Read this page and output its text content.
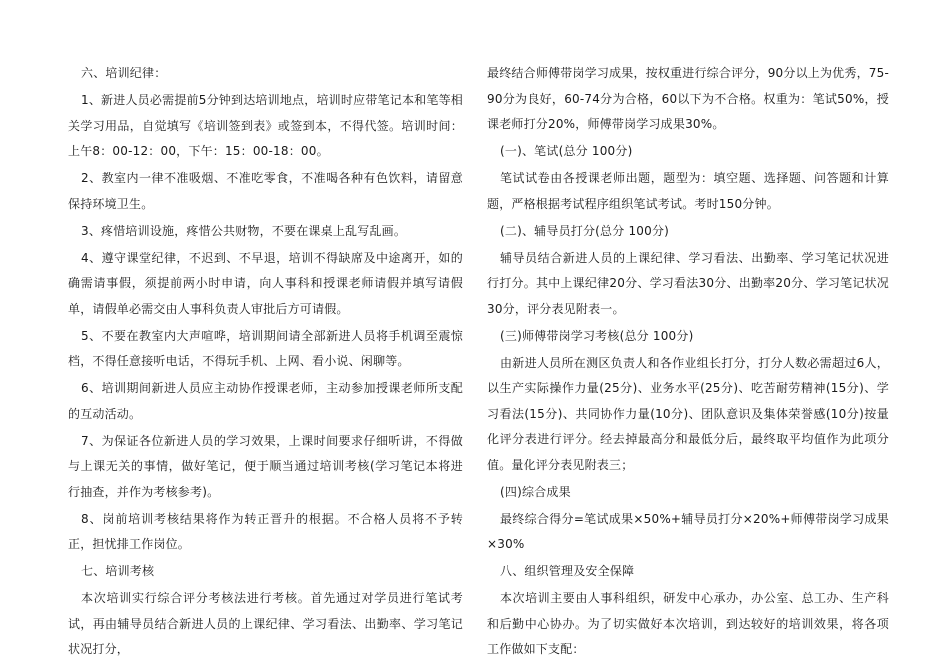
六、培训纪律：

1、新进人员必需提前5分钟到达培训地点，培训时应带笔记本和笔等相关学习用品，自觉填写《培训签到表》或签到本，不得代签。培训时间：上午8：00-12：00，下午：15：00-18：00。

2、教室内一律不准吸烟、不准吃零食，不准喝各种有色饮料，请留意保持环境卫生。

3、疼惜培训设施，疼惜公共财物，不要在课桌上乱写乱画。

4、遵守课堂纪律，不迟到、不早退，培训不得缺席及中途离开，如的确需请事假，须提前两小时申请，向人事科和授课老师请假并填写请假单，请假单必需交由人事科负责人审批后方可请假。

5、不要在教室内大声喧哗，培训期间请全部新进人员将手机调至震惊档，不得任意接听电话，不得玩手机、上网、看小说、闲聊等。

6、培训期间新进人员应主动协作授课老师，主动参加授课老师所支配的互动活动。

7、为保证各位新进人员的学习效果，上课时间要求仔细听讲，不得做与上课无关的事情，做好笔记，便于顺当通过培训考核(学习笔记本将进行抽查，并作为考核参考)。

8、岗前培训考核结果将作为转正晋升的根据。不合格人员将不予转正，担忧排工作岗位。

七、培训考核

本次培训实行综合评分考核法进行考核。首先通过对学员进行笔试考试，再由辅导员结合新进人员的上课纪律、学习看法、出勤率、学习笔记状况打分，

最终结合师傅带岗学习成果，按权重进行综合评分，90分以上为优秀，75-90分为良好，60-74分为合格，60以下为不合格。权重为：笔试50%，授课老师打分20%，师傅带岗学习成果30%。

(一)、笔试(总分 100分)

笔试试卷由各授课老师出题，题型为：填空题、选择题、问答题和计算题，严格根据考试程序组织笔试考试。考时150分钟。

(二)、辅导员打分(总分 100分)

辅导员结合新进人员的上课纪律、学习看法、出勤率、学习笔记状况进行打分。其中上课纪律20分、学习看法30分、出勤率20分、学习笔记状况30分，评分表见附表一。

(三)师傅带岗学习考核(总分 100分)

由新进人员所在测区负责人和各作业组长打分，打分人数必需超过6人，以生产实际操作力量(25分)、业务水平(25分)、吃苦耐劳精神(15分)、学习看法(15分)、共同协作力量(10分)、团队意识及集体荣誉感(10分)按量化评分表进行评分。经去掉最高分和最低分后，最终取平均值作为此项分值。量化评分表见附表三；

(四)综合成果

最终综合得分=笔试成果×50%+辅导员打分×20%+师傅带岗学习成果×30%

八、组织管理及安全保障

本次培训主要由人事科组织，研发中心承办，办公室、总工办、生产科和后勤中心协办。为了切实做好本次培训，到达较好的培训效果，将各项工作做如下支配：
